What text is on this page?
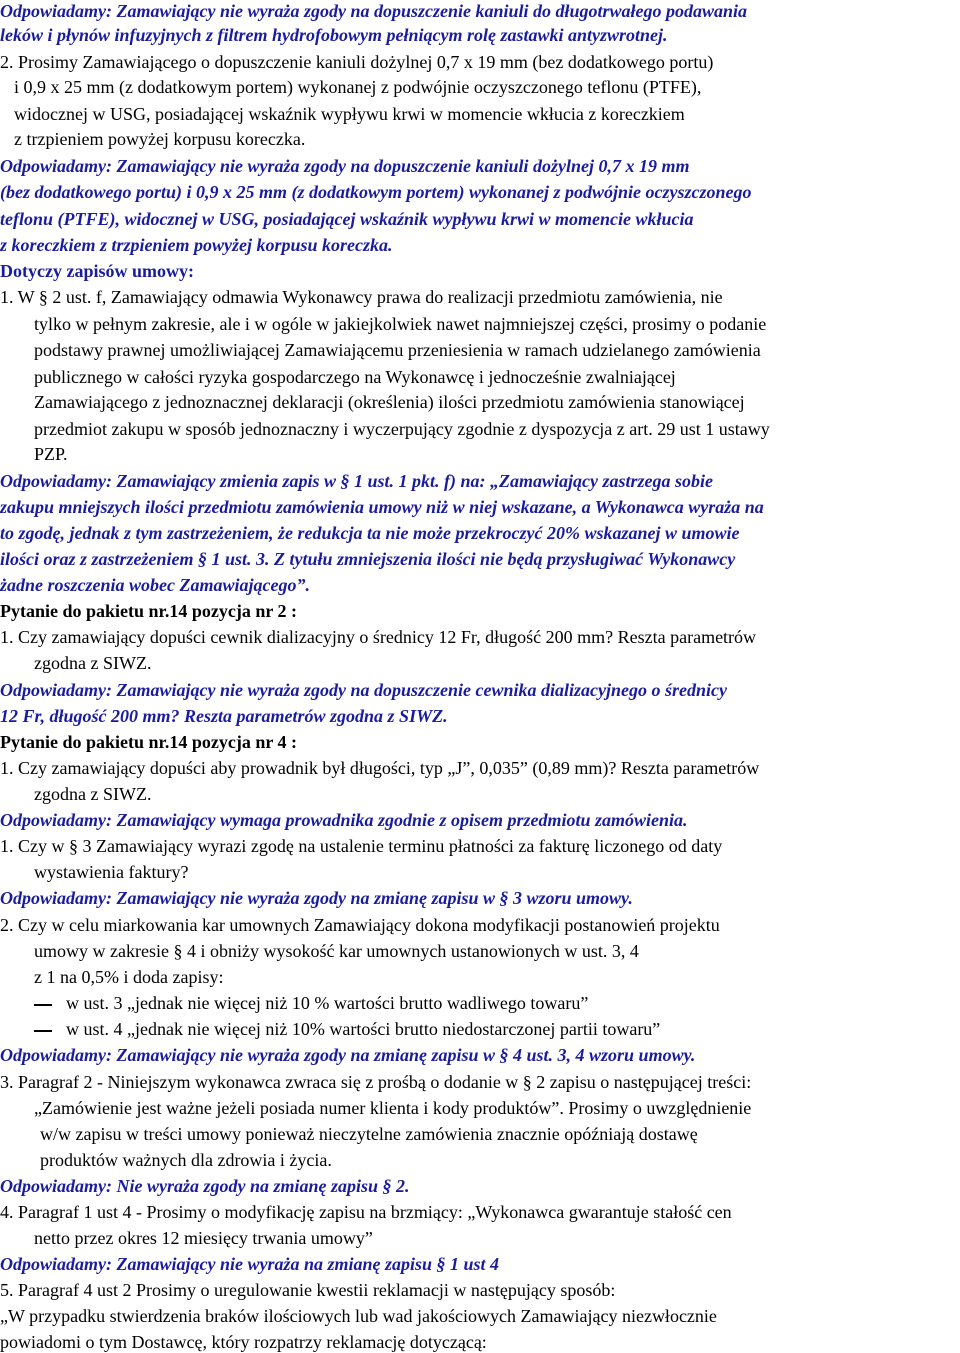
Odpowiadamy: Zamawiający nie wyraża zgody na dopuszczenie kaniuli do długotrwałego podawania

leków i płynów infuzyjnych z filtrem hydrofobowym pełniącym rolę zastawki antyzwrotnej.

2. Prosimy Zamawiającego o dopuszczenie kaniuli dożylnej 0,7 x 19 mm (bez dodatkowego portu)

i 0,9 x 25 mm (z dodatkowym portem) wykonanej z podwójnie oczyszczonego teflonu (PTFE),

widocznej w USG, posiadającej wskaźnik wypływu krwi w momencie wkłucia z koreczkiem

z trzpieniem powyżej korpusu koreczka.

Odpowiadamy: Zamawiający nie wyraża zgody na dopuszczenie kaniuli dożylnej 0,7 x 19 mm

(bez dodatkowego portu) i 0,9 x 25 mm (z dodatkowym portem) wykonanej z podwójnie oczyszczonego

teflonu (PTFE), widocznej w USG, posiadającej wskaźnik wypływu krwi w momencie wkłucia

z koreczkiem z trzpieniem powyżej korpusu koreczka.

Dotyczy zapisów umowy:

1. W § 2 ust. f, Zamawiający odmawia Wykonawcy prawa do realizacji przedmiotu zamówienia, nie

tylko w pełnym zakresie, ale i w ogóle w jakiejkolwiek nawet najmniejszej części, prosimy o podanie

podstawy prawnej umożliwiającej Zamawiającemu przeniesienia w ramach udzielanego zamówienia

publicznego w całości ryzyka gospodarczego na Wykonawcę i jednocześnie zwalniającej

Zamawiającego z jednoznacznej deklaracji (określenia) ilości przedmiotu zamówienia stanowiącej

przedmiot zakupu w sposób jednoznaczny i wyczerpujący zgodnie z dyspozycja z art. 29 ust 1 ustawy

PZP.

Odpowiadamy: Zamawiający zmienia zapis w § 1 ust. 1 pkt. f) na: „Zamawiający zastrzega sobie

zakupu mniejszych ilości przedmiotu zamówienia umowy niż w niej wskazane, a Wykonawca wyraża na

to zgodę, jednak z tym zastrzeżeniem, że redukcja ta nie może przekroczyć 20% wskazanej w umowie

ilości oraz z zastrzeżeniem § 1 ust. 3. Z tytułu zmniejszenia ilości nie będą przysługiwać Wykonawcy

żadne roszczenia wobec Zamawiającego”.

Pytanie do pakietu nr.14 pozycja nr 2 :

1. Czy zamawiający dopuści cewnik dializacyjny o średnicy 12 Fr, długość 200 mm? Reszta parametrów

zgodna z SIWZ.

Odpowiadamy: Zamawiający nie wyraża zgody na dopuszczenie cewnika dializacyjnego o średnicy

12 Fr, długość 200 mm? Reszta parametrów zgodna z SIWZ.

Pytanie do pakietu nr.14 pozycja nr 4 :

1. Czy zamawiający dopuści aby prowadnik był długości, typ „J”, 0,035” (0,89 mm)? Reszta parametrów

zgodna z SIWZ.

Odpowiadamy: Zamawiający wymaga prowadnika zgodnie z opisem przedmiotu zamówienia.

1. Czy w § 3 Zamawiający wyrazi zgodę na ustalenie terminu płatności za fakturę liczonego od daty

wystawienia faktury?

Odpowiadamy: Zamawiający nie wyraża zgody na zmianę zapisu w § 3 wzoru umowy.

2. Czy w celu miarkowania kar umownych Zamawiający dokona modyfikacji postanowień projektu

umowy w zakresie § 4 i obniży wysokość kar umownych ustanowionych w ust. 3, 4

z 1 na 0,5% i doda zapisy:

w ust. 3 „jednak nie więcej niż 10 % wartości brutto wadliwego towaru”
w ust. 4 „jednak nie więcej niż 10% wartości brutto niedostarczonej partii towaru”

Odpowiadamy: Zamawiający nie wyraża zgody na zmianę zapisu w § 4 ust. 3, 4 wzoru umowy.

3. Paragraf 2 - Niniejszym wykonawca zwraca się z prośbą o dodanie w § 2 zapisu o następującej treści:

„Zamówienie jest ważne jeżeli posiada numer klienta i kody produktów”. Prosimy o uwzględnienie

w/w zapisu w treści umowy ponieważ nieczytelne zamówienia znacznie opóźniają dostawę

produktów ważnych dla zdrowia i życia.

Odpowiadamy: Nie wyraża zgody na zmianę zapisu § 2.

4. Paragraf 1 ust 4 - Prosimy o modyfikację zapisu na brzmiący: „Wykonawca gwarantuje stałość cen

netto przez okres 12 miesięcy trwania umowy”

Odpowiadamy: Zamawiający nie wyraża na zmianę zapisu § 1 ust 4

5. Paragraf 4 ust 2 Prosimy o uregulowanie kwestii reklamacji w następujący sposób:

„W przypadku stwierdzenia braków ilościowych lub wad jakościowych Zamawiający niezwłocznie

powiadomi o tym Dostawcę, który rozpatrzy reklamację dotyczącą:
